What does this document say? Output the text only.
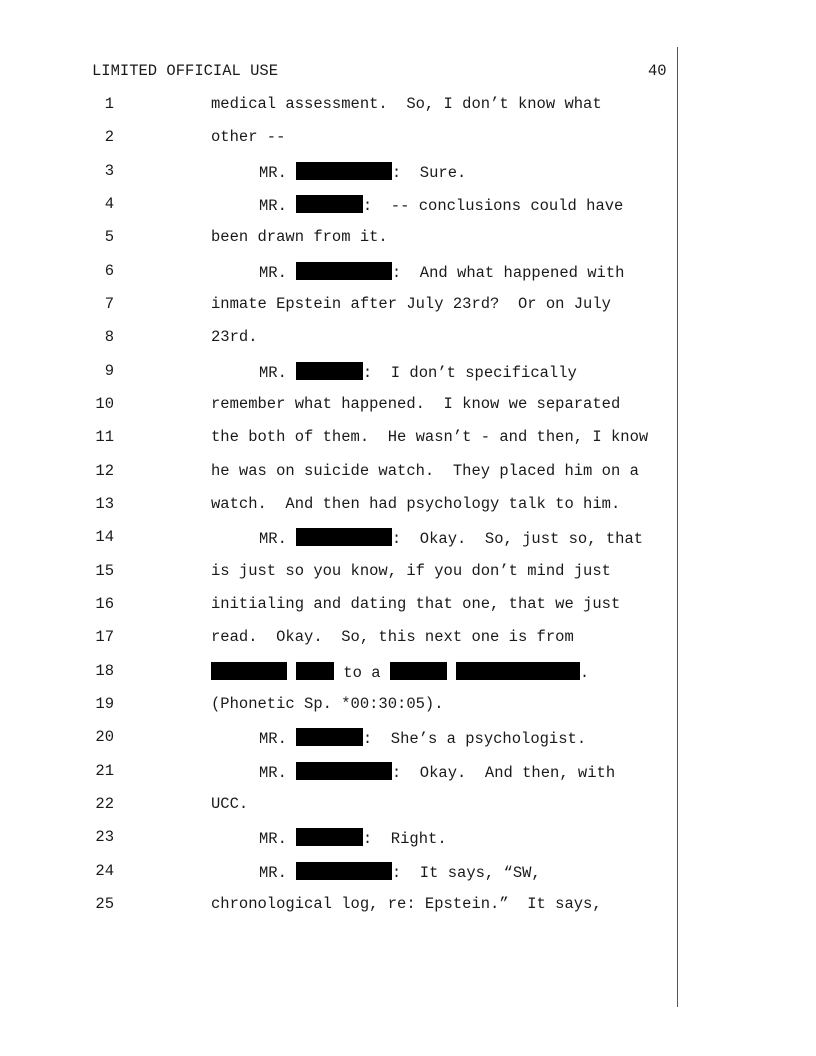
LIMITED OFFICIAL USE	40
1	medical assessment.  So, I don’t know what
2	other --
3	MR.	:  Sure.
4	MR.	:  -- conclusions could have
5	been drawn from it.
6	MR.	:  And what happened with
7	inmate Epstein after July 23rd?  Or on July
8	23rd.
9	MR.	:  I don’t specifically
10	remember what happened.  I know we separated
11	the both of them.  He wasn’t - and then, I know
12	he was on suicide watch.  They placed him on a
13	watch.  And then had psychology talk to him.
14	MR.	:  Okay.  So, just so, that
15	is just so you know, if you don’t mind just
16	initialing and dating that one, that we just
17	read.  Okay.  So, this next one is from
18	to a	.
19	(Phonetic Sp. *00:30:05).
20	MR.	:  She’s a psychologist.
21	MR.	:  Okay.  And then, with
22	UCC.
23	MR.	:  Right.
24	MR.	:  It says, “SW,
25	chronological log, re: Epstein.”  It says,
